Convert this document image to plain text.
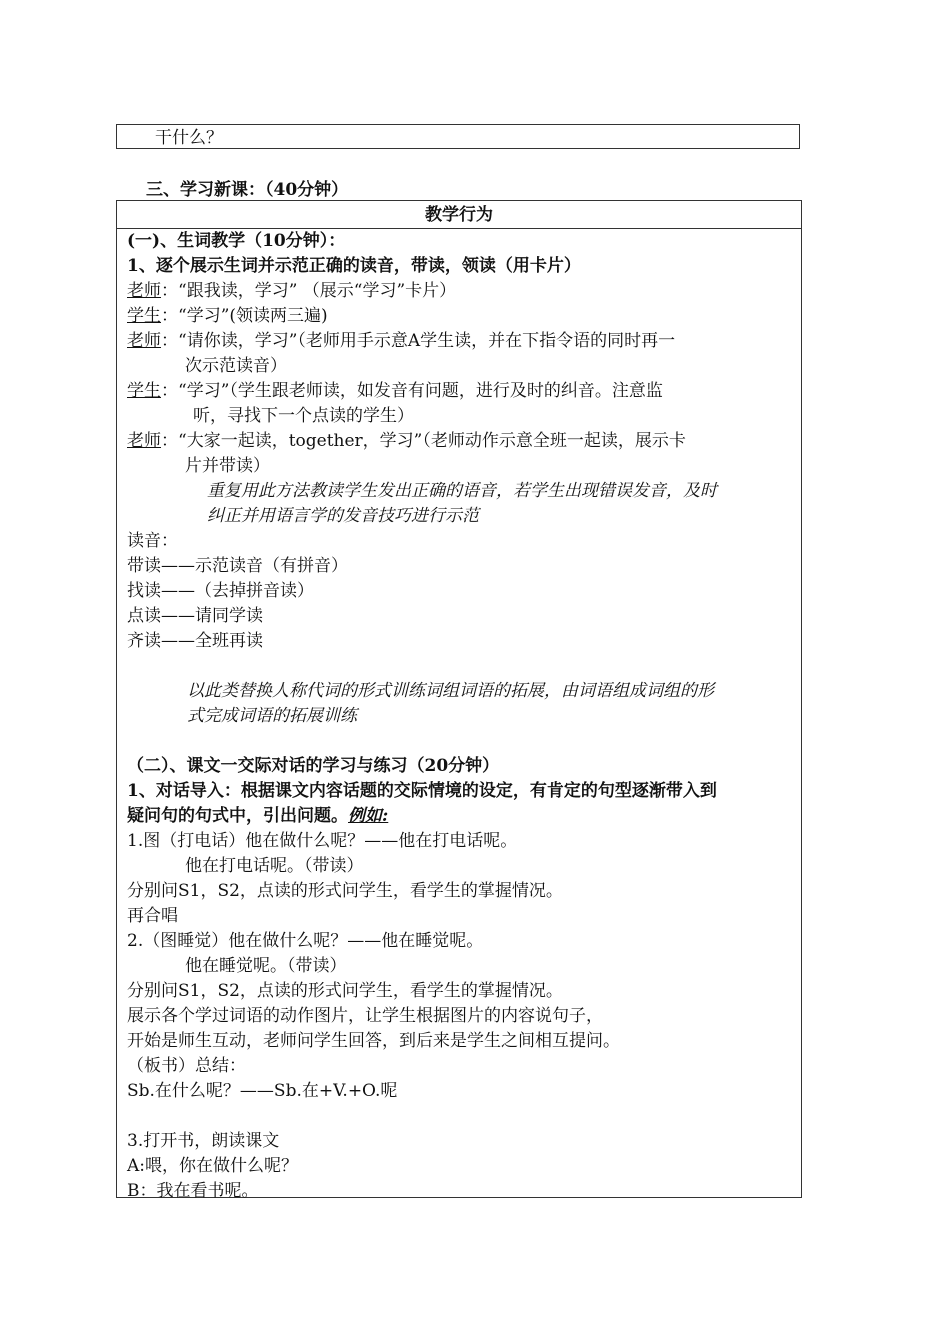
干什么？
三、学习新课：（40分钟）
教学行为
(一)、生词教学（10分钟）：
1、逐个展示生词并示范正确的读音，带读，领读（用卡片）
老师：“跟我读，学习” （展示“学习”卡片）
学生：“学习”(领读两三遍)
老师：“请你读，学习”（老师用手示意A学生读，并在下指令语的同时再一
次示范读音）
学生：“学习”（学生跟老师读，如发音有问题，进行及时的纠音。注意监
听，寻找下一个点读的学生）
老师：“大家一起读，together，学习”（老师动作示意全班一起读，展示卡
片并带读）
重复用此方法教读学生发出正确的语音，若学生出现错误发音，及时
纠正并用语言学的发音技巧进行示范
读音：
带读——示范读音（有拼音）
找读——（去掉拼音读）
点读——请同学读
齐读——全班再读
以此类替换人称代词的形式训练词组词语的拓展，由词语组成词组的形
式完成词语的拓展训练
（二）、课文一交际对话的学习与练习（20分钟）
1、对话导入：根据课文内容话题的交际情境的设定，有肯定的句型逐渐带入到
疑问句的句式中，引出问题。例如:
1.图（打电话）他在做什么呢？——他在打电话呢。
他在打电话呢。（带读）
分别问S1，S2，点读的形式问学生，看学生的掌握情况。
再合唱
2.（图睡觉）他在做什么呢？——他在睡觉呢。
他在睡觉呢。（带读）
分别问S1，S2，点读的形式问学生，看学生的掌握情况。
展示各个学过词语的动作图片，让学生根据图片的内容说句子，
开始是师生互动，老师问学生回答，到后来是学生之间相互提问。
（板书）总结：
Sb.在什么呢？——Sb.在+V.+O.呢
3.打开书，朗读课文
A:喂，你在做什么呢？
B：我在看书呢。
